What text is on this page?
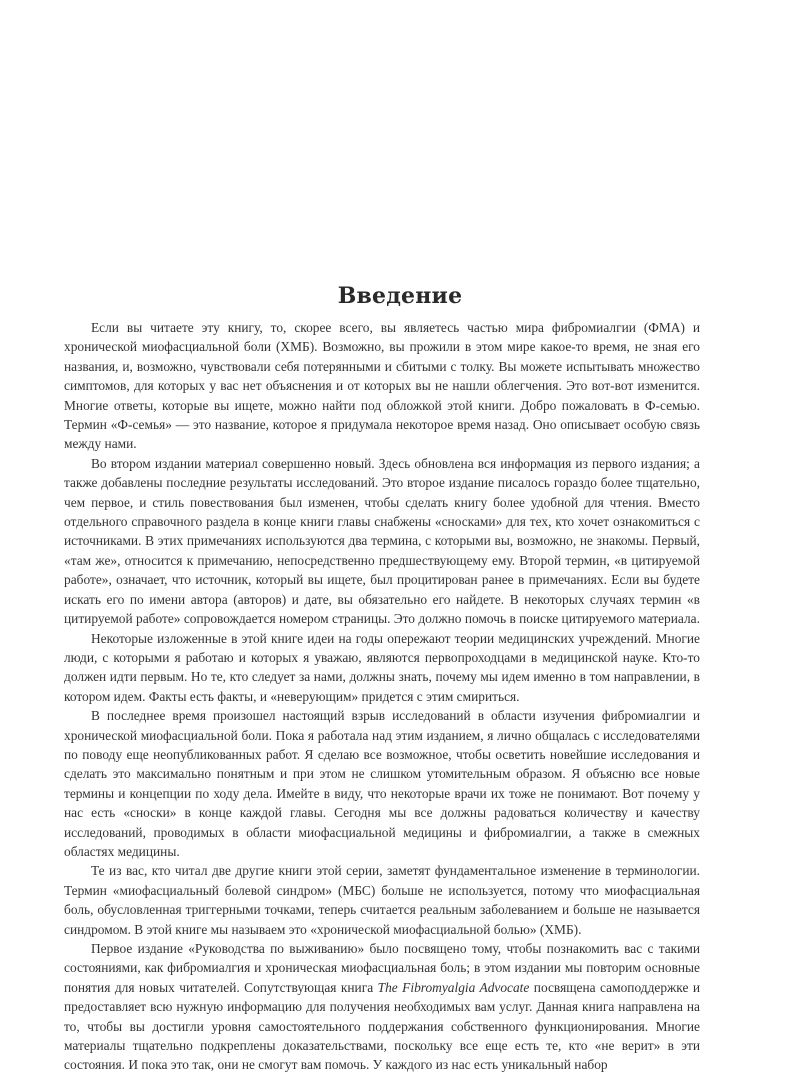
Введение

Если вы читаете эту книгу, то, скорее всего, вы являетесь частью мира фибромиалгии (ФМА) и хронической миофасциальной боли (ХМБ). Возможно, вы прожили в этом мире какое-то время, не зная его названия, и, возможно, чувствовали себя потерянными и сбитыми с толку. Вы можете испытывать множество симптомов, для которых у вас нет объяснения и от которых вы не нашли облегчения. Это вот-вот изменится. Многие ответы, которые вы ищете, можно найти под обложкой этой книги. Добро пожаловать в Ф-семью. Термин «Ф-семья» — это название, которое я придумала некоторое время назад. Оно описывает особую связь между нами.

Во втором издании материал совершенно новый. Здесь обновлена вся информация из первого издания; а также добавлены последние результаты исследований. Это второе издание писалось гораздо более тщательно, чем первое, и стиль повествования был изменен, чтобы сделать книгу более удобной для чтения. Вместо отдельного справочного раздела в конце книги главы снабжены «сносками» для тех, кто хочет ознакомиться с источниками. В этих примечаниях используются два термина, с которыми вы, возможно, не знакомы. Первый, «там же», относится к примечанию, непосредственно предшествующему ему. Второй термин, «в цитируемой работе», означает, что источник, который вы ищете, был процитирован ранее в примечаниях. Если вы будете искать его по имени автора (авторов) и дате, вы обязательно его найдете. В некоторых случаях термин «в цитируемой работе» сопровождается номером страницы. Это должно помочь в поиске цитируемого материала.

Некоторые изложенные в этой книге идеи на годы опережают теории медицинских учреждений. Многие люди, с которыми я работаю и которых я уважаю, являются первопроходцами в медицинской науке. Кто-то должен идти первым. Но те, кто следует за нами, должны знать, почему мы идем именно в том направлении, в котором идем. Факты есть факты, и «неверующим» придется с этим смириться.

В последнее время произошел настоящий взрыв исследований в области изучения фибромиалгии и хронической миофасциальной боли. Пока я работала над этим изданием, я лично общалась с исследователями по поводу еще неопубликованных работ. Я сделаю все возможное, чтобы осветить новейшие исследования и сделать это максимально понятным и при этом не слишком утомительным образом. Я объясню все новые термины и концепции по ходу дела. Имейте в виду, что некоторые врачи их тоже не понимают. Вот почему у нас есть «сноски» в конце каждой главы. Сегодня мы все должны радоваться количеству и качеству исследований, проводимых в области миофасциальной медицины и фибромиалгии, а также в смежных областях медицины.

Те из вас, кто читал две другие книги этой серии, заметят фундаментальное изменение в терминологии. Термин «миофасциальный болевой синдром» (МБС) больше не используется, потому что миофасциальная боль, обусловленная триггерными точками, теперь считается реальным заболеванием и больше не называется синдромом. В этой книге мы называем это «хронической миофасциальной болью» (ХМБ).

Первое издание «Руководства по выживанию» было посвящено тому, чтобы познакомить вас с такими состояниями, как фибромиалгия и хроническая миофасциальная боль; в этом издании мы повторим основные понятия для новых читателей. Сопутствующая книга The Fibromyalgia Advocate посвящена самоподдержке и предоставляет всю нужную информацию для получения необходимых вам услуг. Данная книга направлена на то, чтобы вы достигли уровня самостоятельного поддержания собственного функционирования. Многие материалы тщательно подкреплены доказательствами, поскольку все еще есть те, кто «не верит» в эти состояния. И пока это так, они не смогут вам помочь. У каждого из нас есть уникальный набор
